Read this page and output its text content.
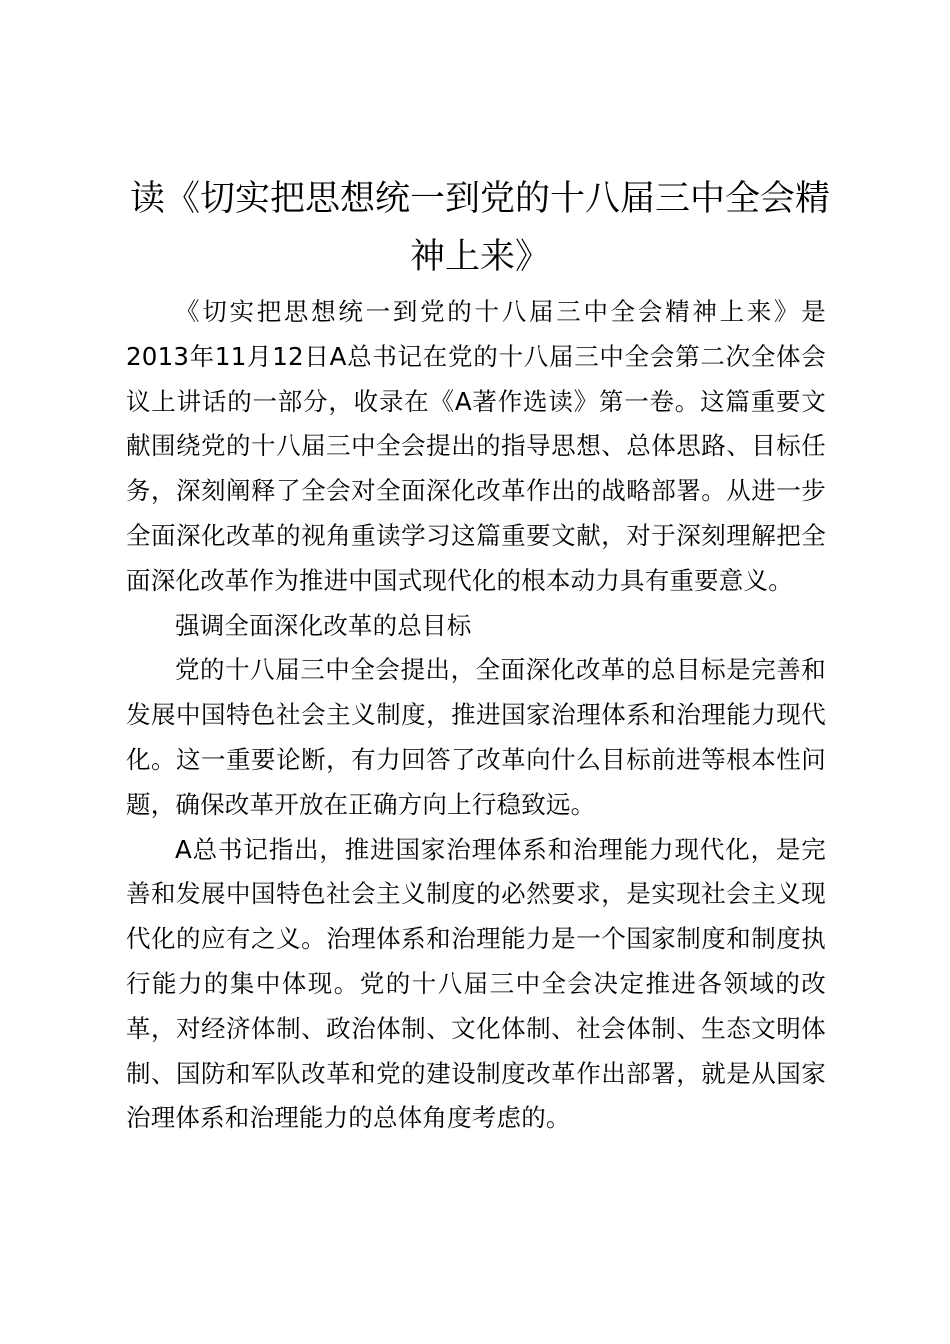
读《切实把思想统一到党的十八届三中全会精神上来》

《切实把思想统一到党的十八届三中全会精神上来》是2013年11月12日A总书记在党的十八届三中全会第二次全体会议上讲话的一部分，收录在《A著作选读》第一卷。这篇重要文献围绕党的十八届三中全会提出的指导思想、总体思路、目标任务，深刻阐释了全会对全面深化改革作出的战略部署。从进一步全面深化改革的视角重读学习这篇重要文献，对于深刻理解把全面深化改革作为推进中国式现代化的根本动力具有重要意义。

强调全面深化改革的总目标

党的十八届三中全会提出，全面深化改革的总目标是完善和发展中国特色社会主义制度，推进国家治理体系和治理能力现代化。这一重要论断，有力回答了改革向什么目标前进等根本性问题，确保改革开放在正确方向上行稳致远。

A总书记指出，推进国家治理体系和治理能力现代化，是完善和发展中国特色社会主义制度的必然要求，是实现社会主义现代化的应有之义。治理体系和治理能力是一个国家制度和制度执行能力的集中体现。党的十八届三中全会决定推进各领域的改革，对经济体制、政治体制、文化体制、社会体制、生态文明体制、国防和军队改革和党的建设制度改革作出部署，就是从国家治理体系和治理能力的总体角度考虑的。
